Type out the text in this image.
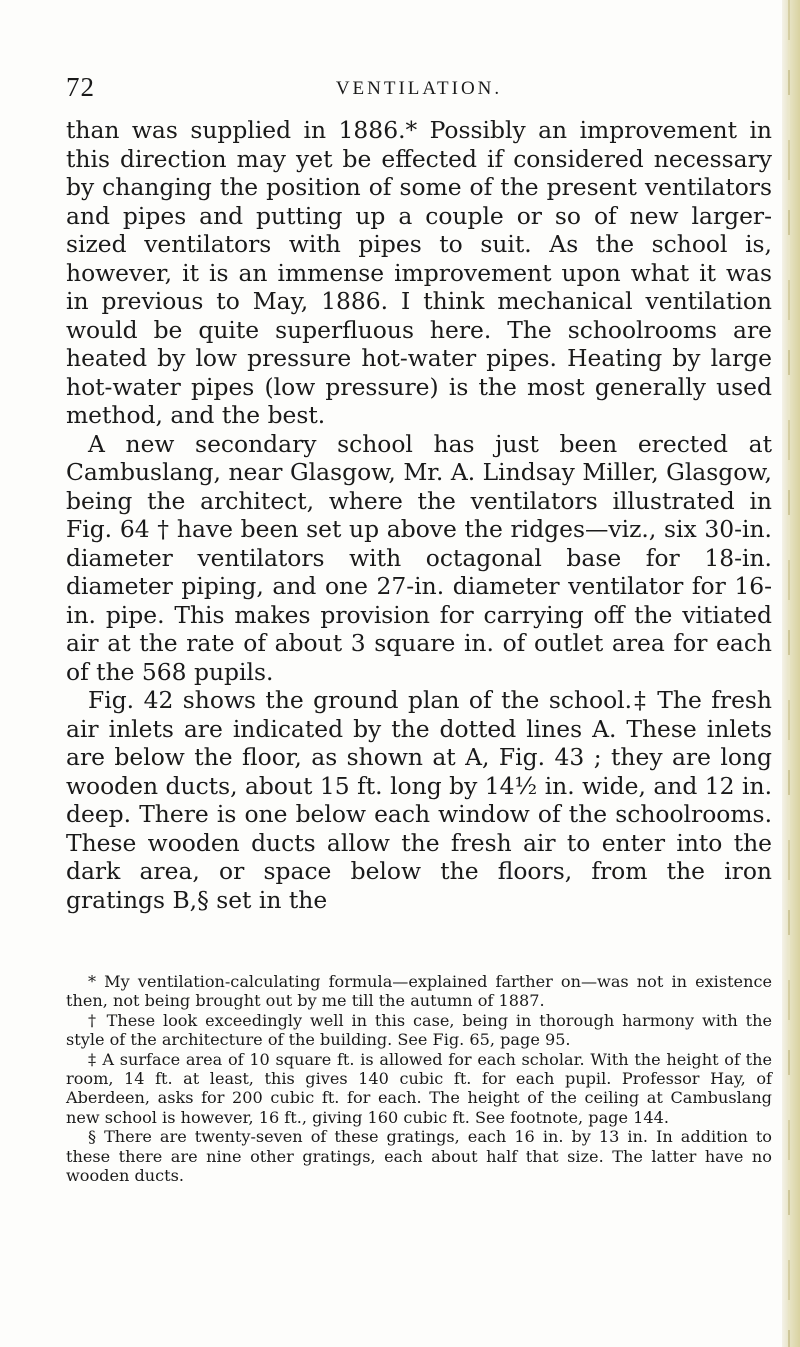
72	VENTILATION.

than was supplied in 1886.* Possibly an improvement in this direction may yet be effected if considered necessary by changing the position of some of the present ventilators and pipes and putting up a couple or so of new larger-sized ventilators with pipes to suit. As the school is, however, it is an immense improvement upon what it was in previous to May, 1886. I think mechanical ventilation would be quite superfluous here. The schoolrooms are heated by low pressure hot-water pipes. Heating by large hot-water pipes (low pressure) is the most generally used method, and the best.

A new secondary school has just been erected at Cambuslang, near Glasgow, Mr. A. Lindsay Miller, Glasgow, being the architect, where the ventilators illustrated in Fig. 64 † have been set up above the ridges—viz., six 30-in. diameter ventilators with octagonal base for 18-in. diameter piping, and one 27-in. diameter ventilator for 16-in. pipe. This makes provision for carrying off the vitiated air at the rate of about 3 square in. of outlet area for each of the 568 pupils.

Fig. 42 shows the ground plan of the school.‡ The fresh air inlets are indicated by the dotted lines A. These inlets are below the floor, as shown at A, Fig. 43 ; they are long wooden ducts, about 15 ft. long by 14½ in. wide, and 12 in. deep. There is one below each window of the schoolrooms. These wooden ducts allow the fresh air to enter into the dark area, or space below the floors, from the iron gratings B,§ set in the

* My ventilation-calculating formula—explained farther on—was not in existence then, not being brought out by me till the autumn of 1887.

† These look exceedingly well in this case, being in thorough harmony with the style of the architecture of the building. See Fig. 65, page 95.

‡ A surface area of 10 square ft. is allowed for each scholar. With the height of the room, 14 ft. at least, this gives 140 cubic ft. for each pupil. Professor Hay, of Aberdeen, asks for 200 cubic ft. for each. The height of the ceiling at Cambuslang new school is however, 16 ft., giving 160 cubic ft. See footnote, page 144.

§ There are twenty-seven of these gratings, each 16 in. by 13 in. In addition to these there are nine other gratings, each about half that size. The latter have no wooden ducts.
